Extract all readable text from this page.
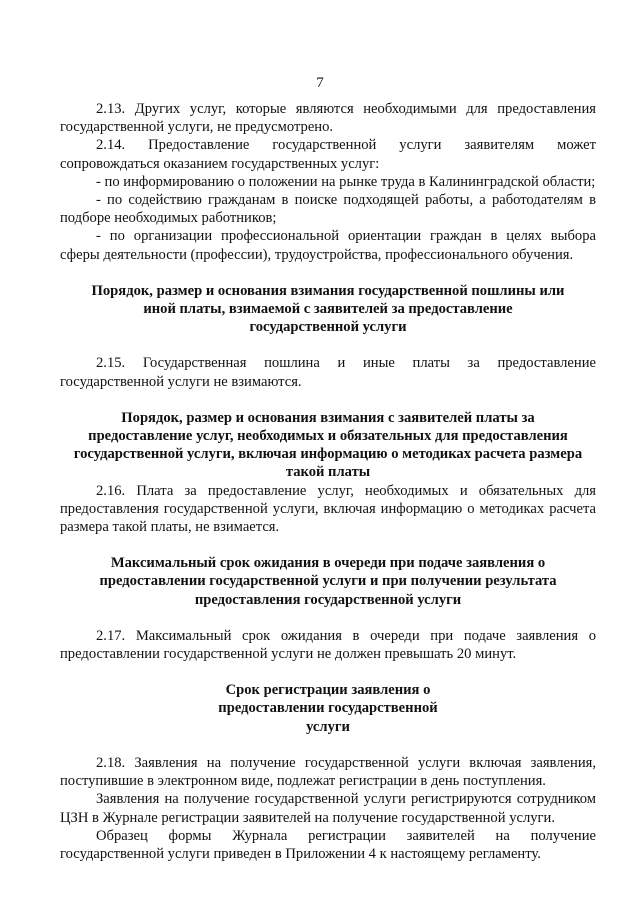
7

2.13. Других услуг, которые являются необходимыми для предоставления государственной услуги, не предусмотрено.

2.14. Предоставление государственной услуги заявителям может сопровождаться оказанием государственных услуг:

- по информированию о положении на рынке труда в Калининградской области;

- по содействию гражданам в поиске подходящей работы, а работодателям в подборе необходимых работников;

- по организации профессиональной ориентации граждан в целях выбора сферы деятельности (профессии), трудоустройства, профессионального обучения.

Порядок, размер и основания взимания государственной пошлины или иной платы, взимаемой с заявителей за предоставление государственной услуги

2.15. Государственная пошлина и иные платы за предоставление государственной услуги не взимаются.

Порядок, размер и основания взимания с заявителей платы за предоставление услуг, необходимых и обязательных для предоставления государственной услуги, включая информацию о методиках расчета размера такой платы

2.16. Плата за предоставление услуг, необходимых и обязательных для предоставления государственной услуги, включая информацию о методиках расчета размера такой платы, не взимается.

Максимальный срок ожидания в очереди при подаче заявления о предоставлении государственной услуги и при получении результата предоставления государственной услуги

2.17. Максимальный срок ожидания в очереди при подаче заявления о предоставлении государственной услуги не должен превышать 20 минут.

Срок регистрации заявления о предоставлении государственной услуги

2.18. Заявления на получение государственной услуги включая заявления, поступившие в электронном виде, подлежат регистрации в день поступления.

Заявления на получение государственной услуги регистрируются сотрудником ЦЗН в Журнале регистрации заявителей на получение государственной услуги.

Образец формы Журнала регистрации заявителей на получение государственной услуги приведен в Приложении 4 к настоящему регламенту.
